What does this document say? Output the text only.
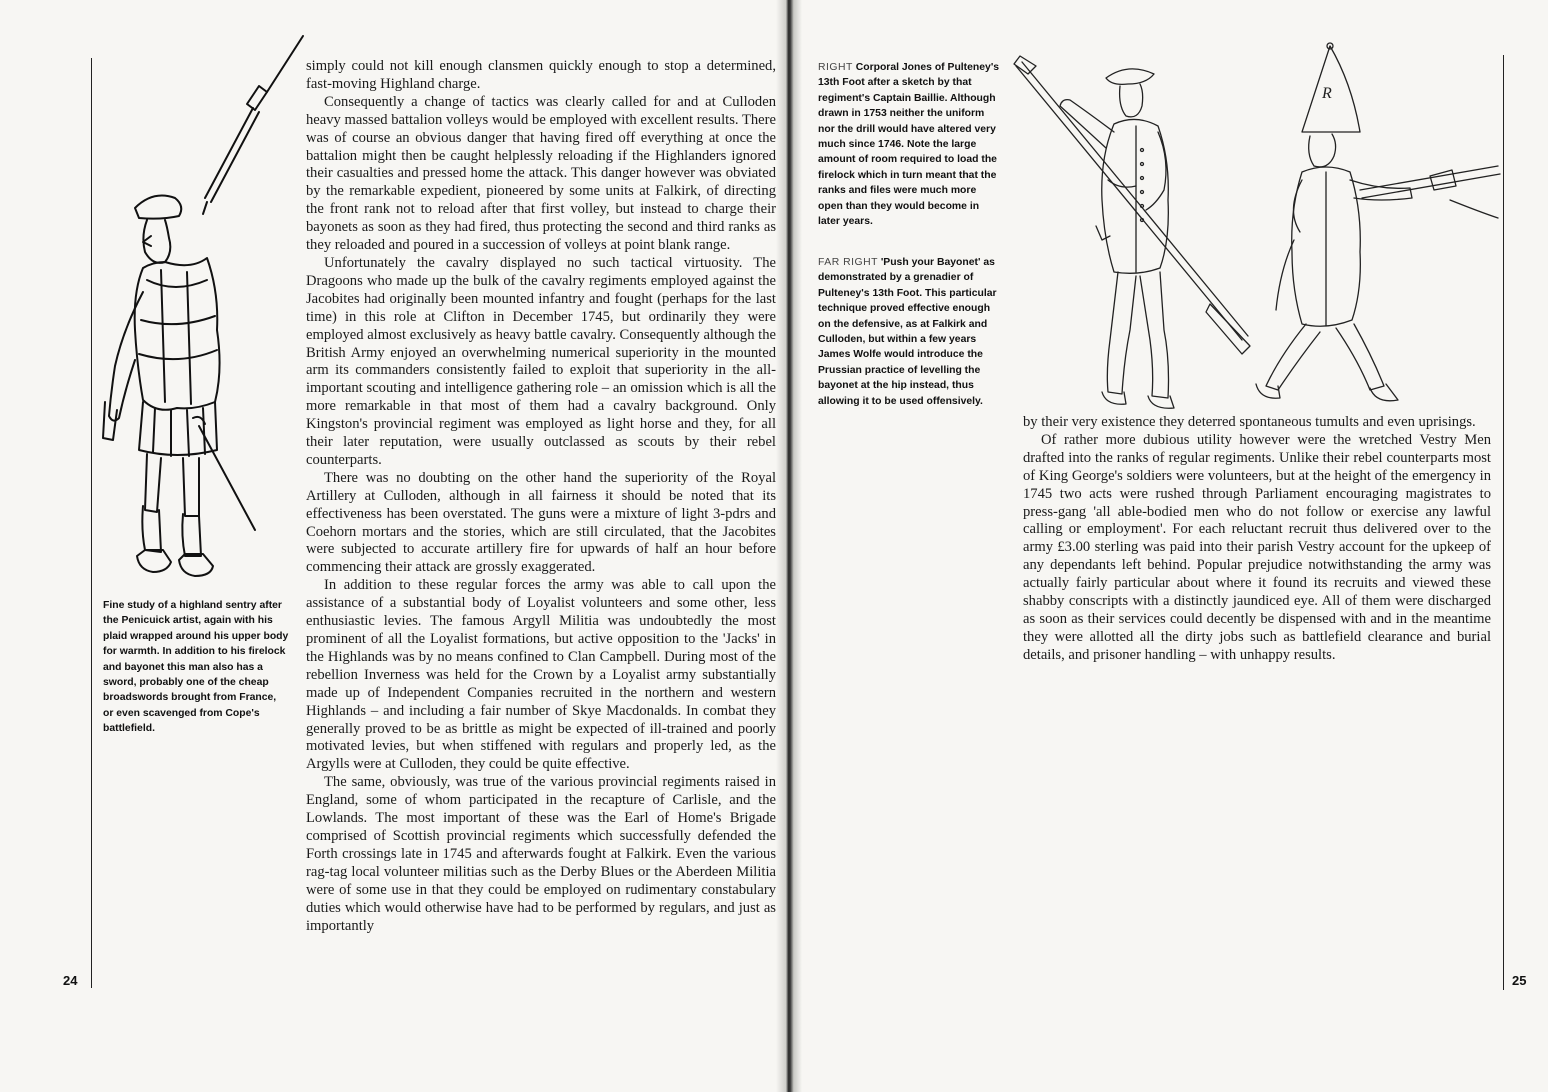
Fine study of a highland sentry after the Penicuick artist, again with his plaid wrapped around his upper body for warmth. In addition to his firelock and bayonet this man also has a sword, probably one of the cheap broadswords brought from France, or even scavenged from Cope's battlefield.

simply could not kill enough clansmen quickly enough to stop a determined, fast-moving Highland charge.

Consequently a change of tactics was clearly called for and at Culloden heavy massed battalion volleys would be employed with excellent results. There was of course an obvious danger that having fired off everything at once the battalion might then be caught helplessly reloading if the Highlanders ignored their casualties and pressed home the attack. This danger however was obviated by the remarkable expedient, pioneered by some units at Falkirk, of directing the front rank not to reload after that first volley, but instead to charge their bayonets as soon as they had fired, thus protecting the second and third ranks as they reloaded and poured in a succession of volleys at point blank range.

Unfortunately the cavalry displayed no such tactical virtuosity. The Dragoons who made up the bulk of the cavalry regiments employed against the Jacobites had originally been mounted infantry and fought (perhaps for the last time) in this role at Clifton in December 1745, but ordinarily they were employed almost exclusively as heavy battle cavalry. Consequently although the British Army enjoyed an overwhelming numerical superiority in the mounted arm its commanders consistently failed to exploit that superiority in the all-important scouting and intelligence gathering role – an omission which is all the more remarkable in that most of them had a cavalry background. Only Kingston's provincial regiment was employed as light horse and they, for all their later reputation, were usually outclassed as scouts by their rebel counterparts.

There was no doubting on the other hand the superiority of the Royal Artillery at Culloden, although in all fairness it should be noted that its effectiveness has been overstated. The guns were a mixture of light 3-pdrs and Coehorn mortars and the stories, which are still circulated, that the Jacobites were subjected to accurate artillery fire for upwards of half an hour before commencing their attack are grossly exaggerated.

In addition to these regular forces the army was able to call upon the assistance of a substantial body of Loyalist volunteers and some other, less enthusiastic levies. The famous Argyll Militia was undoubtedly the most prominent of all the Loyalist formations, but active opposition to the 'Jacks' in the Highlands was by no means confined to Clan Campbell. During most of the rebellion Inverness was held for the Crown by a Loyalist army substantially made up of Independent Companies recruited in the northern and western Highlands – and including a fair number of Skye Macdonalds. In combat they generally proved to be as brittle as might be expected of ill-trained and poorly motivated levies, but when stiffened with regulars and properly led, as the Argylls were at Culloden, they could be quite effective.

The same, obviously, was true of the various provincial regiments raised in England, some of whom participated in the recapture of Carlisle, and the Lowlands. The most important of these was the Earl of Home's Brigade comprised of Scottish provincial regiments which successfully defended the Forth crossings late in 1745 and afterwards fought at Falkirk. Even the various rag-tag local volunteer militias such as the Derby Blues or the Aberdeen Militia were of some use in that they could be employed on rudimentary constabulary duties which would otherwise have had to be performed by regulars, and just as importantly

24
RIGHT Corporal Jones of Pulteney's 13th Foot after a sketch by that regiment's Captain Baillie. Although drawn in 1753 neither the uniform nor the drill would have altered very much since 1746. Note the large amount of room required to load the firelock which in turn meant that the ranks and files were much more open than they would become in later years.
FAR RIGHT 'Push your Bayonet' as demonstrated by a grenadier of Pulteney's 13th Foot. This particular technique proved effective enough on the defensive, as at Falkirk and Culloden, but within a few years James Wolfe would introduce the Prussian practice of levelling the bayonet at the hip instead, thus allowing it to be used offensively.
R

by their very existence they deterred spontaneous tumults and even uprisings.

Of rather more dubious utility however were the wretched Vestry Men drafted into the ranks of regular regiments. Unlike their rebel counterparts most of King George's soldiers were volunteers, but at the height of the emergency in 1745 two acts were rushed through Parliament encouraging magistrates to press-gang 'all able-bodied men who do not follow or exercise any lawful calling or employment'. For each reluctant recruit thus delivered over to the army £3.00 sterling was paid into their parish Vestry account for the upkeep of any dependants left behind. Popular prejudice notwithstanding the army was actually fairly particular about where it found its recruits and viewed these shabby conscripts with a distinctly jaundiced eye. All of them were discharged as soon as their services could decently be dispensed with and in the meantime they were allotted all the dirty jobs such as battlefield clearance and burial details, and prisoner handling – with unhappy results.

25
